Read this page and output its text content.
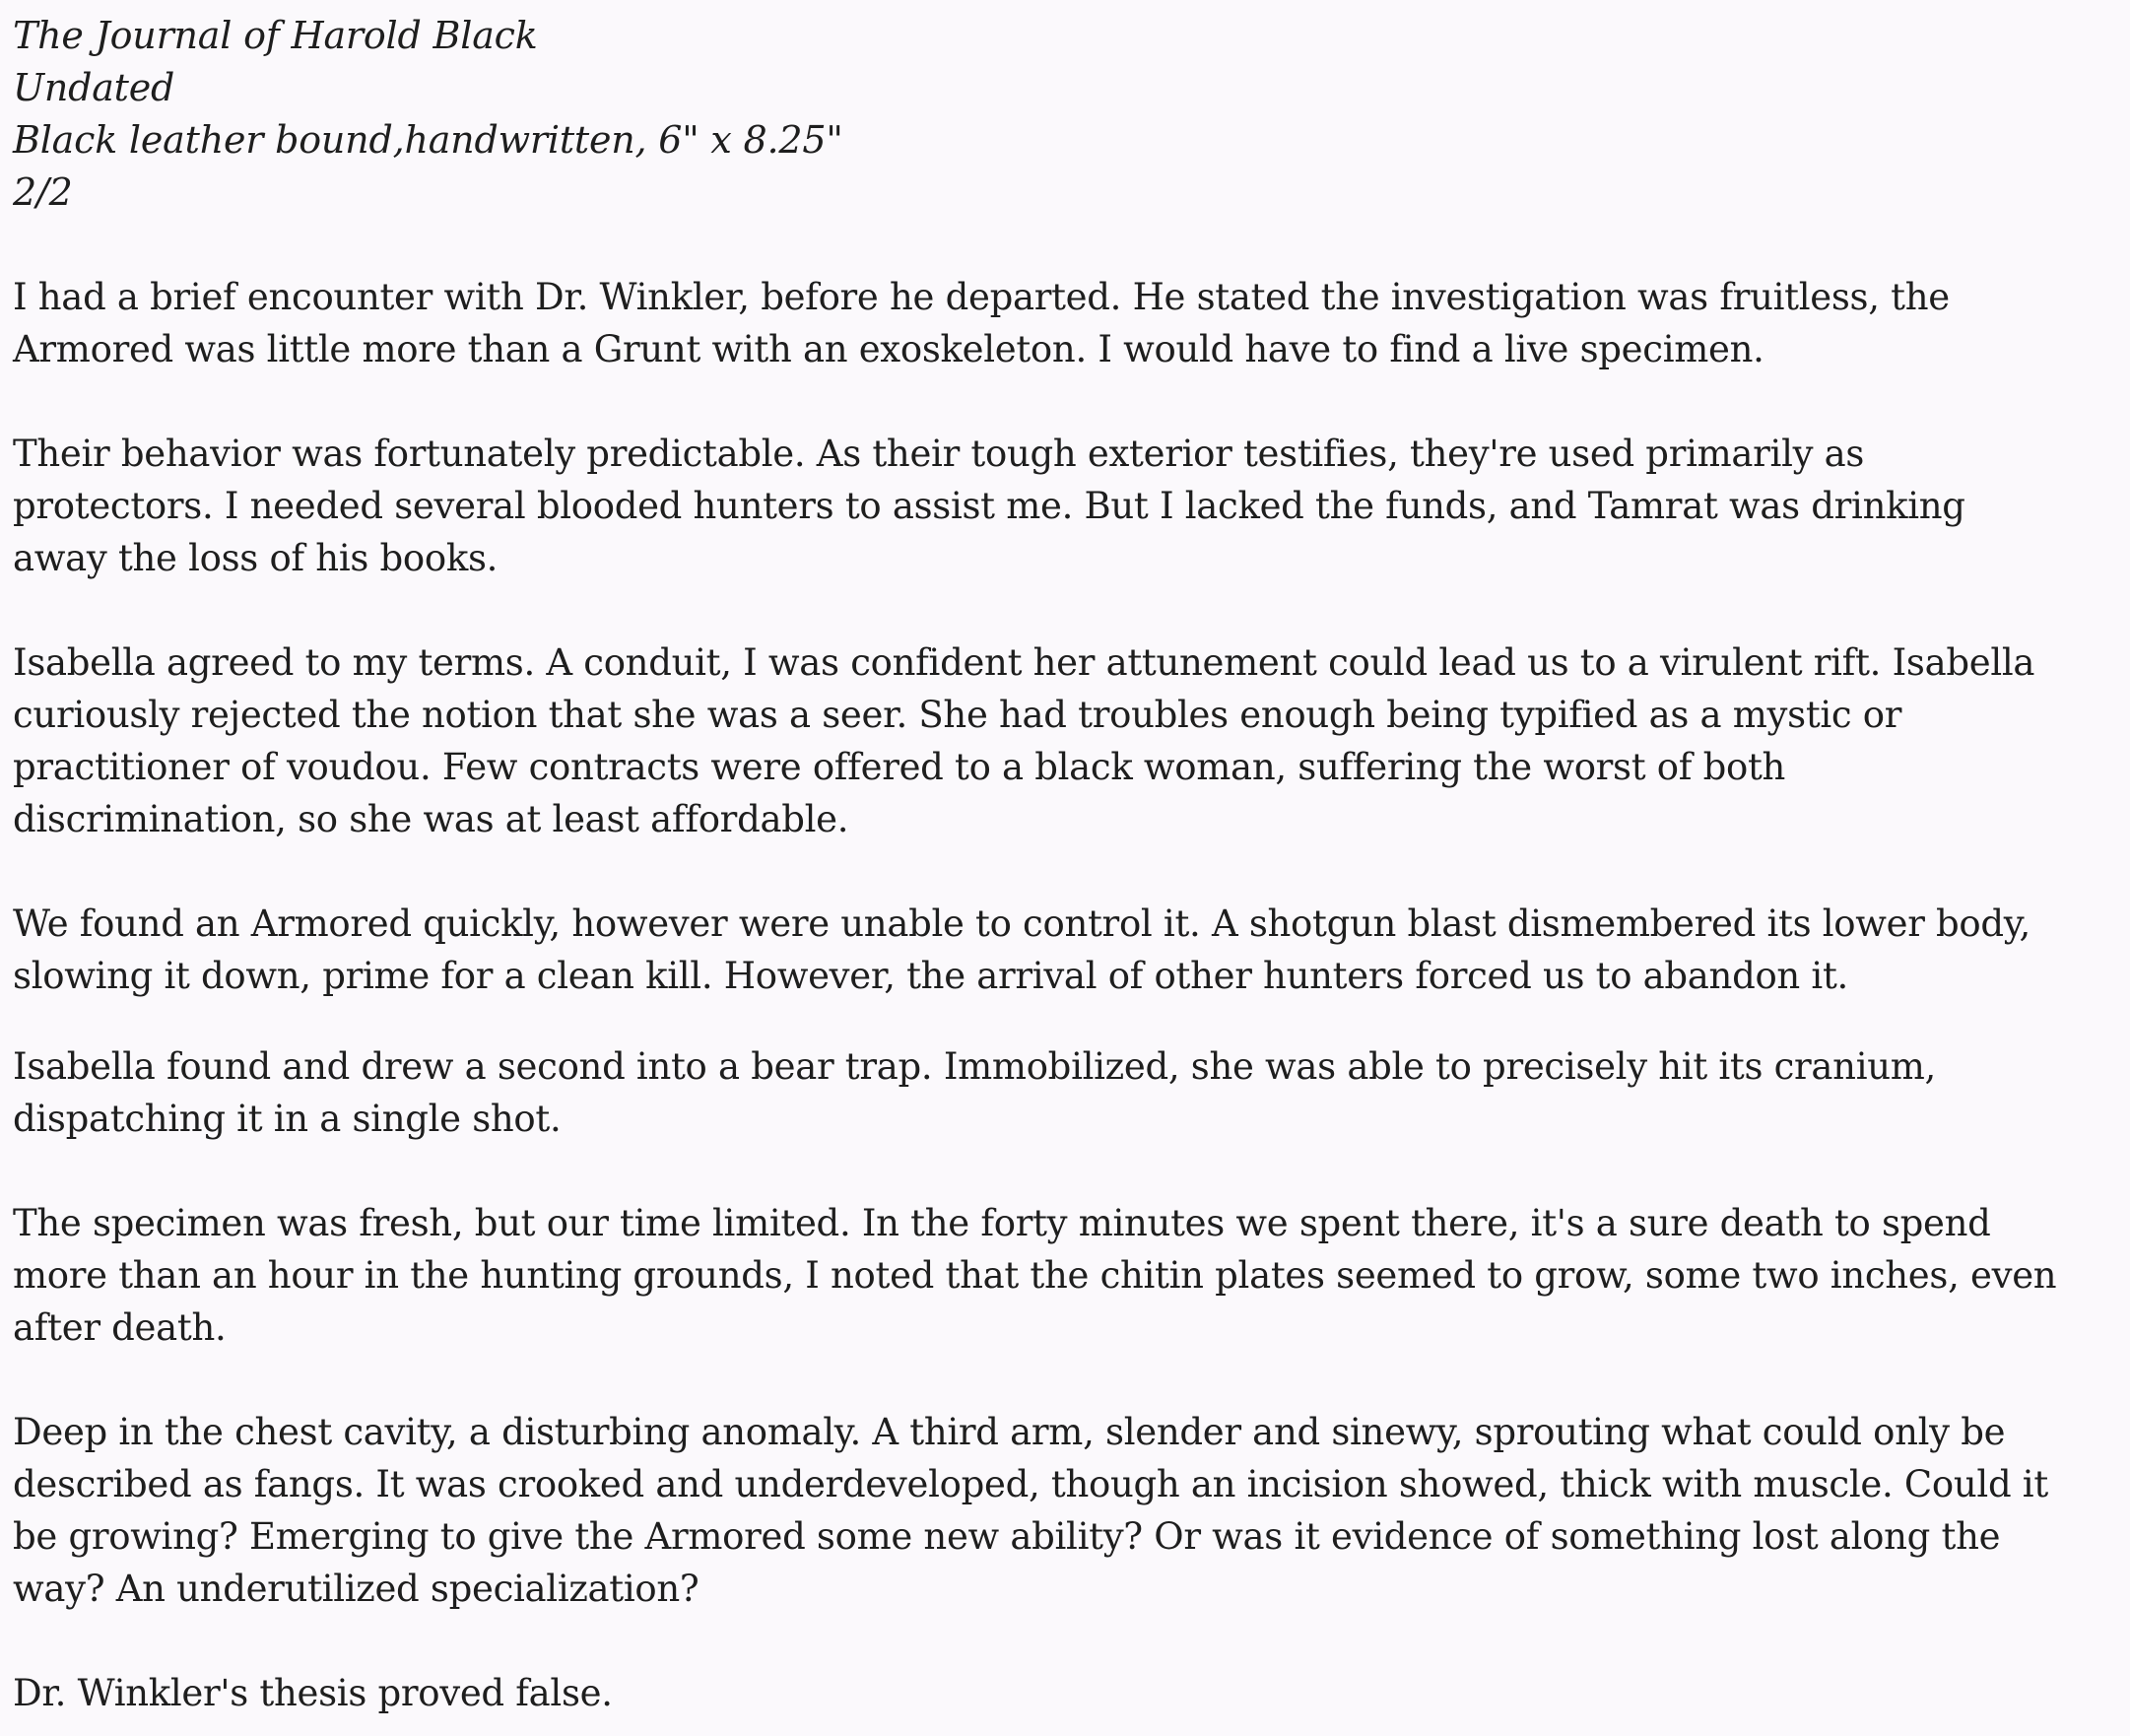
The Journal of Harold Black

Undated

Black leather bound,handwritten, 6" x 8.25"

2/2

I had a brief encounter with Dr. Winkler, before he departed. He stated the investigation was fruitless, the Armored was little more than a Grunt with an exoskeleton. I would have to find a live specimen.

Their behavior was fortunately predictable. As their tough exterior testifies, they're used primarily as protectors. I needed several blooded hunters to assist me. But I lacked the funds, and Tamrat was drinking away the loss of his books.

Isabella agreed to my terms. A conduit, I was confident her attunement could lead us to a virulent rift. Isabella curiously rejected the notion that she was a seer. She had troubles enough being typified as a mystic or practitioner of voudou. Few contracts were offered to a black woman, suffering the worst of both discrimination, so she was at least affordable.

We found an Armored quickly, however were unable to control it. A shotgun blast dismembered its lower body, slowing it down, prime for a clean kill. However, the arrival of other hunters forced us to abandon it.

Isabella found and drew a second into a bear trap. Immobilized, she was able to precisely hit its cranium, dispatching it in a single shot.

The specimen was fresh, but our time limited. In the forty minutes we spent there, it's a sure death to spend more than an hour in the hunting grounds, I noted that the chitin plates seemed to grow, some two inches, even after death.

Deep in the chest cavity, a disturbing anomaly. A third arm, slender and sinewy, sprouting what could only be described as fangs. It was crooked and underdeveloped, though an incision showed, thick with muscle. Could it be growing? Emerging to give the Armored some new ability? Or was it evidence of something lost along the way? An underutilized specialization?

Dr. Winkler's thesis proved false.
